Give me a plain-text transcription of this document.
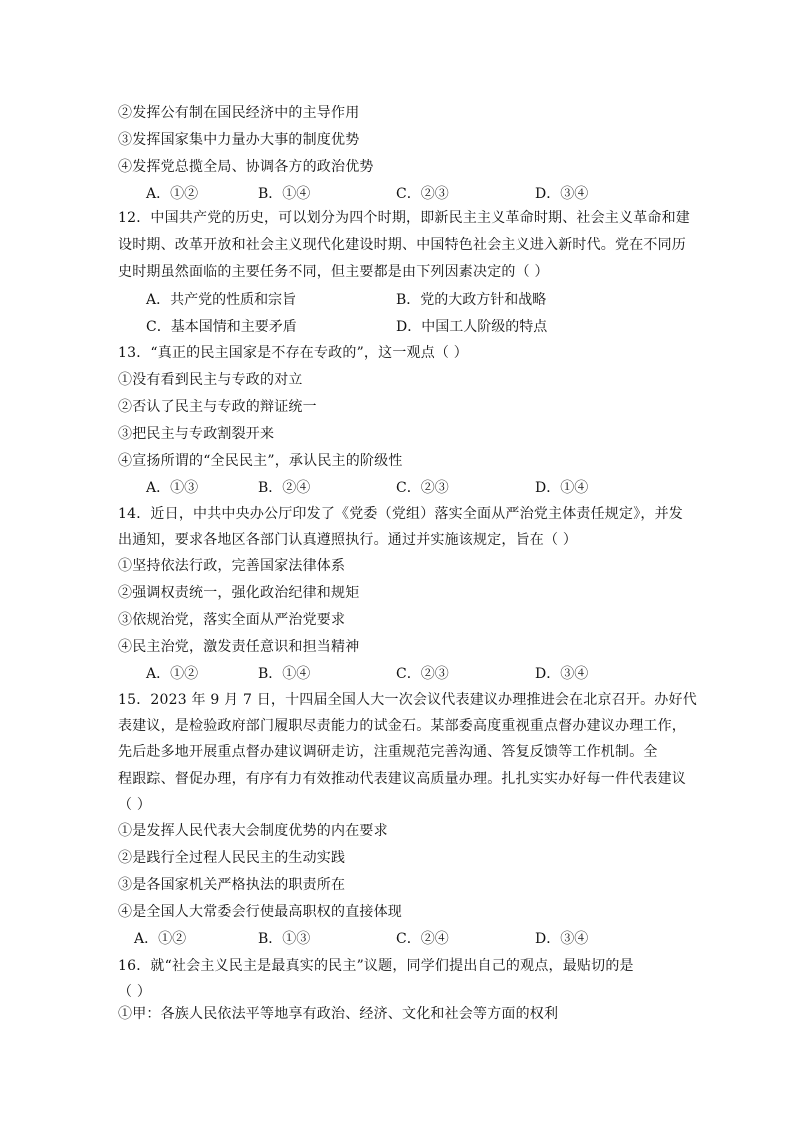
②发挥公有制在国民经济中的主导作用
③发挥国家集中力量办大事的制度优势
④发挥党总揽全局、协调各方的政治优势
A．①②	B．①④	C．②③	D．③④
12．中国共产党的历史，可以划分为四个时期，即新民主主义革命时期、社会主义革命和建
设时期、改革开放和社会主义现代化建设时期、中国特色社会主义进入新时代。党在不同历
史时期虽然面临的主要任务不同，但主要都是由下列因素决定的（ ）
A．共产党的性质和宗旨	B．党的大政方针和战略
C．基本国情和主要矛盾	D．中国工人阶级的特点
13．“真正的民主国家是不存在专政的”，这一观点（ ）
①没有看到民主与专政的对立
②否认了民主与专政的辩证统一
③把民主与专政割裂开来
④宣扬所谓的“全民民主”，承认民主的阶级性
A．①③	B．②④	C．②③	D．①④
14．近日，中共中央办公厅印发了《党委（党组）落实全面从严治党主体责任规定》，并发
出通知，要求各地区各部门认真遵照执行。通过并实施该规定，旨在（ ）
①坚持依法行政，完善国家法律体系
②强调权责统一，强化政治纪律和规矩
③依规治党，落实全面从严治党要求
④民主治党，激发责任意识和担当精神
A．①②	B．①④	C．②③	D．③④
15．2023 年 9 月 7 日，十四届全国人大一次会议代表建议办理推进会在北京召开。办好代
表建议，是检验政府部门履职尽责能力的试金石。某部委高度重视重点督办建议办理工作，
先后赴多地开展重点督办建议调研走访，注重规范完善沟通、答复反馈等工作机制。全
程跟踪、督促办理，有序有力有效推动代表建议高质量办理。扎扎实实办好每一件代表建议
（ ）
①是发挥人民代表大会制度优势的内在要求
②是践行全过程人民民主的生动实践
③是各国家机关严格执法的职责所在
④是全国人大常委会行使最高职权的直接体现
A．①②	B．①③	C．②④	D．③④
16．就“社会主义民主是最真实的民主”议题，同学们提出自己的观点，最贴切的是
（ ）
①甲：各族人民依法平等地享有政治、经济、文化和社会等方面的权利
